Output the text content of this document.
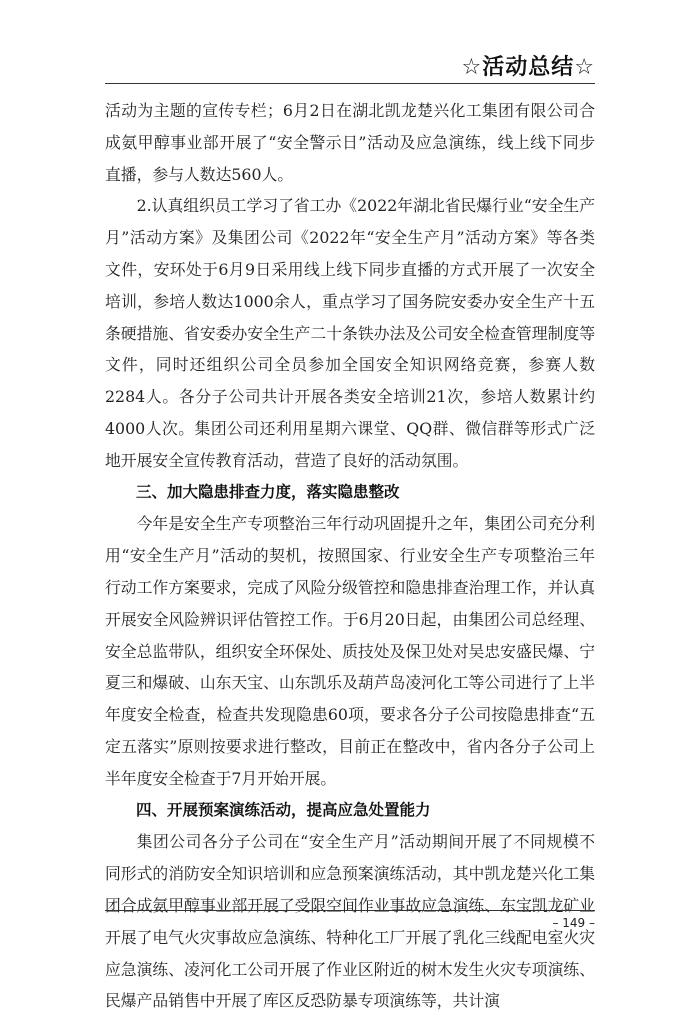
☆活动总结☆

活动为主题的宣传专栏；6月2日在湖北凯龙楚兴化工集团有限公司合成氨甲醇事业部开展了“安全警示日”活动及应急演练，线上线下同步直播，参与人数达560人。

2.认真组织员工学习了省工办《2022年湖北省民爆行业“安全生产月”活动方案》及集团公司《2022年“安全生产月”活动方案》等各类文件，安环处于6月9日采用线上线下同步直播的方式开展了一次安全培训，参培人数达1000余人，重点学习了国务院安委办安全生产十五条硬措施、省安委办安全生产二十条铁办法及公司安全检查管理制度等文件，同时还组织公司全员参加全国安全知识网络竞赛，参赛人数2284人。各分子公司共计开展各类安全培训21次，参培人数累计约4000人次。集团公司还利用星期六课堂、QQ群、微信群等形式广泛地开展安全宣传教育活动，营造了良好的活动氛围。

三、加大隐患排查力度，落实隐患整改

今年是安全生产专项整治三年行动巩固提升之年，集团公司充分利用“安全生产月”活动的契机，按照国家、行业安全生产专项整治三年行动工作方案要求，完成了风险分级管控和隐患排查治理工作，并认真开展安全风险辨识评估管控工作。于6月20日起，由集团公司总经理、安全总监带队，组织安全环保处、质技处及保卫处对吴忠安盛民爆、宁夏三和爆破、山东天宝、山东凯乐及葫芦岛凌河化工等公司进行了上半年度安全检查，检查共发现隐患60项，要求各分子公司按隐患排查“五定五落实”原则按要求进行整改，目前正在整改中，省内各分子公司上半年度安全检查于7月开始开展。

四、开展预案演练活动，提高应急处置能力

集团公司各分子公司在“安全生产月”活动期间开展了不同规模不同形式的消防安全知识培训和应急预案演练活动，其中凯龙楚兴化工集团合成氨甲醇事业部开展了受限空间作业事故应急演练、东宝凯龙矿业开展了电气火灾事故应急演练、特种化工厂开展了乳化三线配电室火灾应急演练、凌河化工公司开展了作业区附近的树木发生火灾专项演练、民爆产品销售中开展了库区反恐防暴专项演练等，共计演

– 149 –
